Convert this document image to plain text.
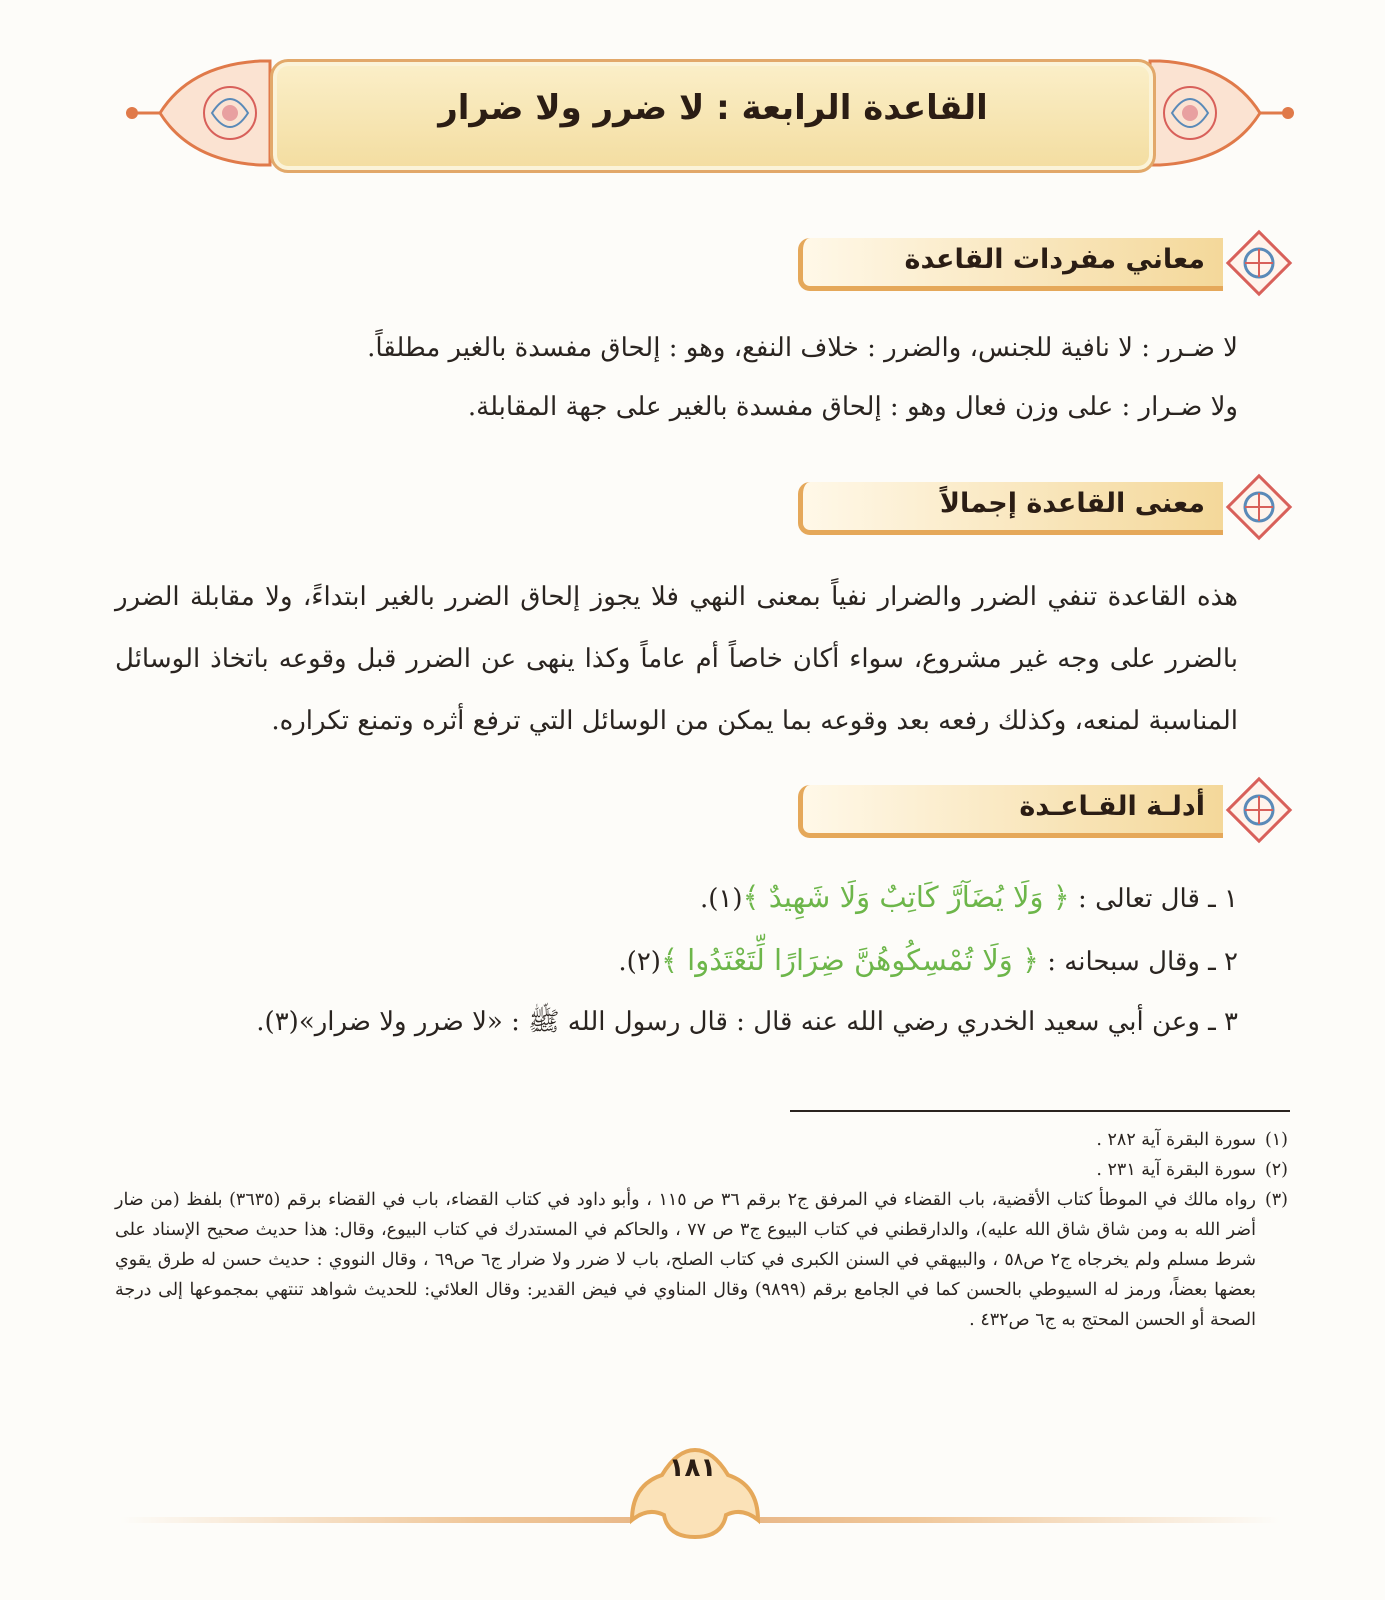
القاعدة الرابعة : لا ضرر ولا ضرار
معاني مفردات القاعدة
لا ضـرر : لا نافية للجنس، والضرر : خلاف النفع، وهو : إلحاق مفسدة بالغير مطلقاً.
ولا ضـرار : على وزن فعال وهو : إلحاق مفسدة بالغير على جهة المقابلة.
معنى القاعدة إجمالاً
هذه القاعدة تنفي الضرر والضرار نفياً بمعنى النهي فلا يجوز إلحاق الضرر بالغير ابتداءً، ولا مقابلة الضرر بالضرر على وجه غير مشروع، سواء أكان خاصاً أم عاماً وكذا ينهى عن الضرر قبل وقوعه باتخاذ الوسائل المناسبة لمنعه، وكذلك رفعه بعد وقوعه بما يمكن من الوسائل التي ترفع أثره وتمنع تكراره.
أدلـة القـاعـدة
١ ـ قال تعالى : ﴿ وَلَا يُضَآرَّ كَاتِبٌ وَلَا شَهِيدٌ ﴾(١).
٢ ـ وقال سبحانه : ﴿ وَلَا تُمْسِكُوهُنَّ ضِرَارًا لِّتَعْتَدُوا ﴾(٢).
٣ ـ وعن أبي سعيد الخدري رضي الله عنه قال : قال رسول الله ﷺ : «لا ضرر ولا ضرار»(٣).
(١)
سورة البقرة آية ٢٨٢ .
(٢)
سورة البقرة آية ٢٣١ .
(٣)
رواه مالك في الموطأ كتاب الأقضية، باب القضاء في المرفق ج٢ برقم ٣٦ ص ١١٥ ، وأبو داود في كتاب القضاء، باب في القضاء برقم (٣٦٣٥) بلفظ (من ضار أضر الله به ومن شاق شاق الله عليه)، والدارقطني في كتاب البيوع ج٣ ص ٧٧ ، والحاكم في المستدرك في كتاب البيوع، وقال: هذا حديث صحيح الإسناد على شرط مسلم ولم يخرجاه ج٢ ص٥٨ ، والبيهقي في السنن الكبرى في كتاب الصلح، باب لا ضرر ولا ضرار ج٦ ص٦٩ ، وقال النووي : حديث حسن له طرق يقوي بعضها بعضاً، ورمز له السيوطي بالحسن كما في الجامع برقم (٩٨٩٩) وقال المناوي في فيض القدير: وقال العلائي: للحديث شواهد تنتهي بمجموعها إلى درجة الصحة أو الحسن المحتج به ج٦ ص٤٣٢ .
١٨١
